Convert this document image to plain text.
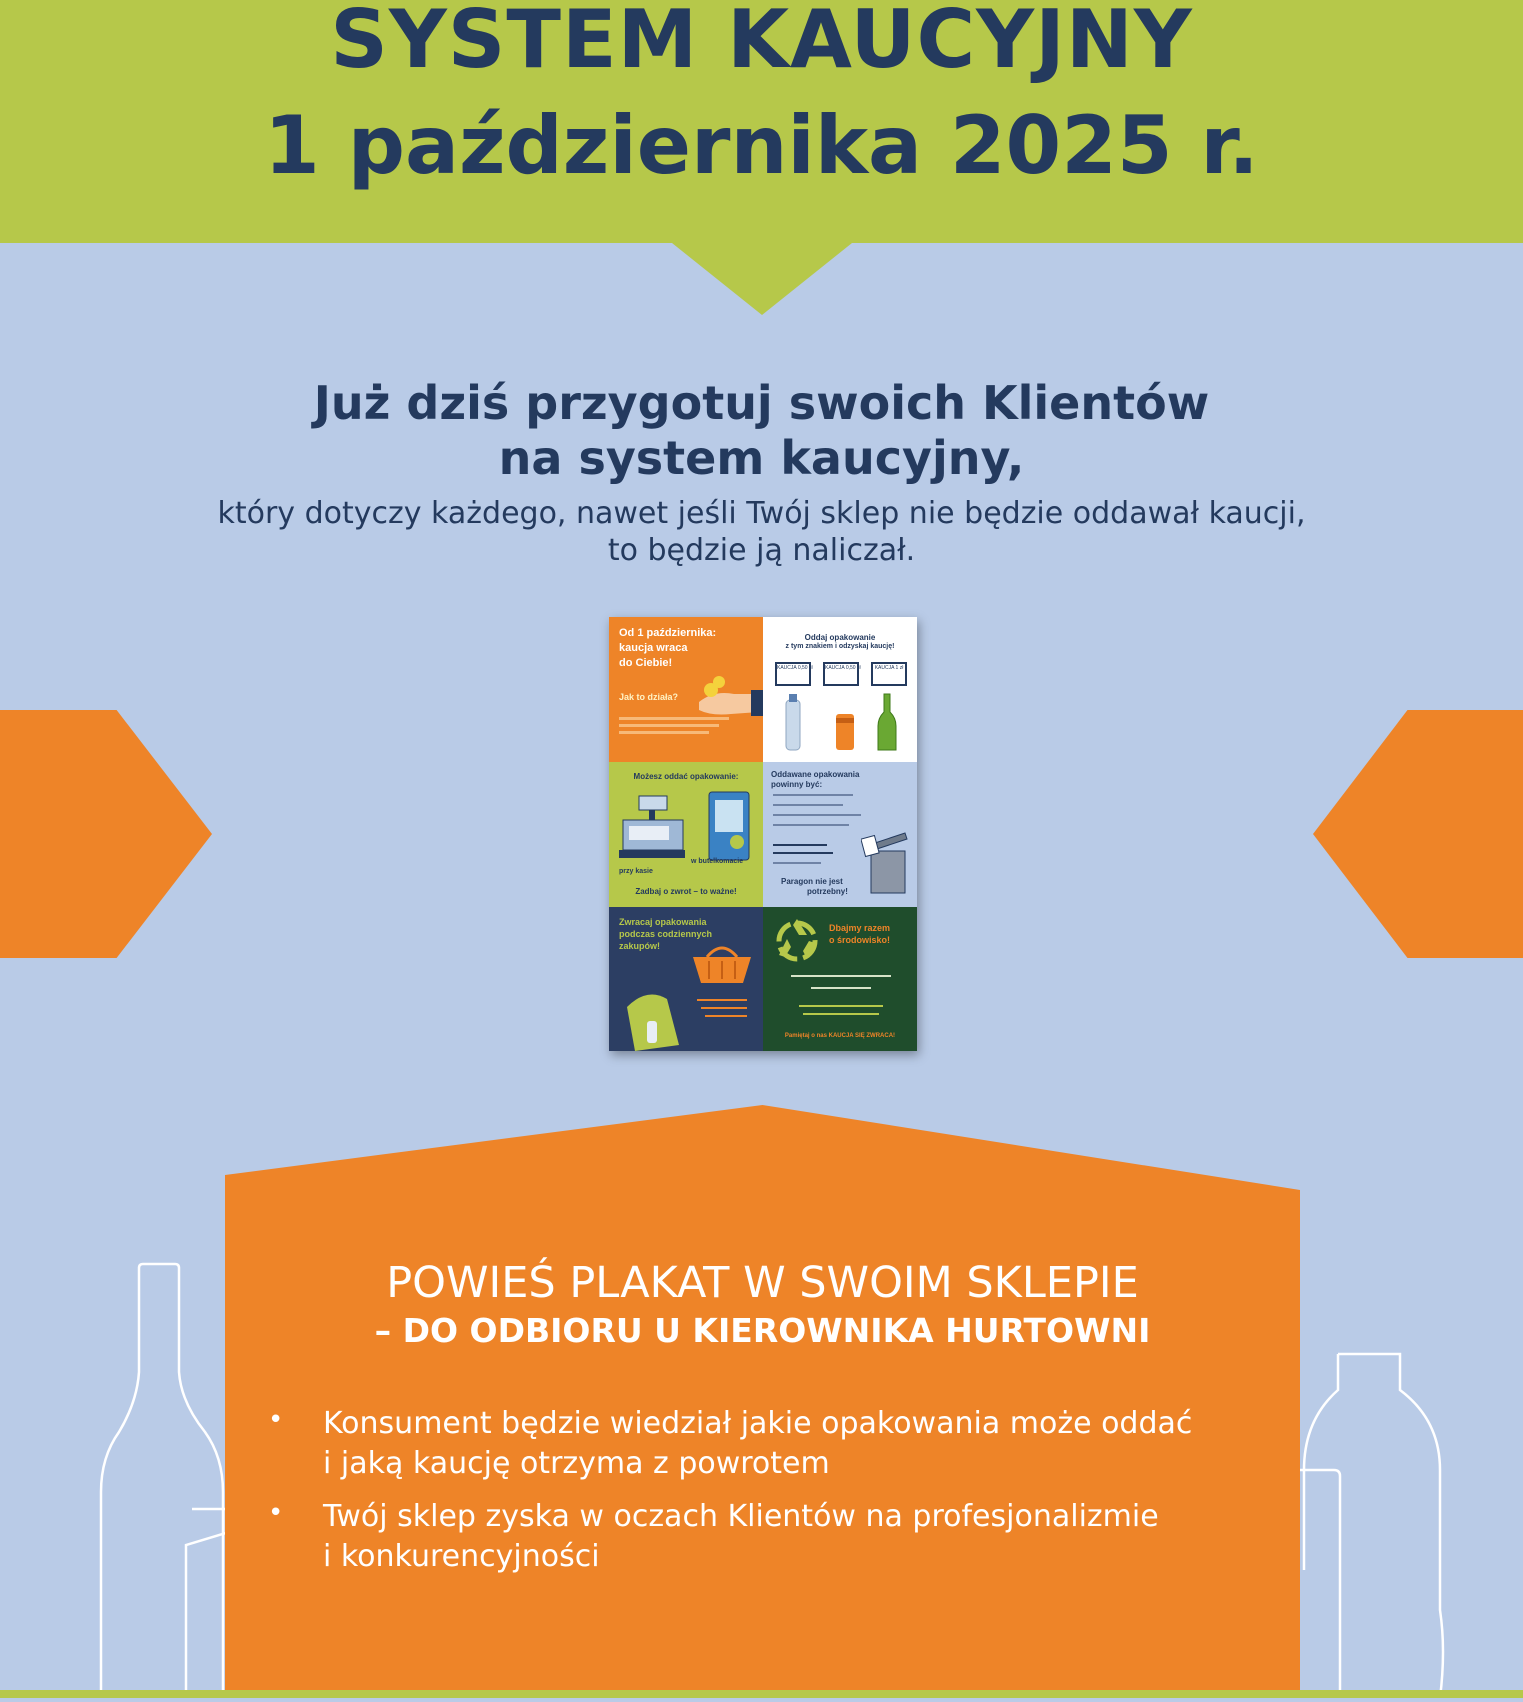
SYSTEM KAUCYJNY
1 października 2025 r.
Już dziś przygotuj swoich Klientów
na system kaucyjny,
który dotyczy każdego, nawet jeśli Twój sklep nie będzie oddawał kaucji,
to będzie ją naliczał.
Od 1 października:
kaucja wraca
do Ciebie!
Jak to działa?
Oddaj opakowanie
z tym znakiem i odzyskaj kaucję!
KAUCJA 0,50 zł	KAUCJA 0,50 zł	KAUCJA 1 zł
Możesz oddać opakowanie:
przy kasie
w butelkomacie
Zadbaj o zwrot – to ważne!
Oddawane opakowania
powinny być:
Paragon nie jest
potrzebny!
Zwracaj opakowania
podczas codziennych
zakupów!
Dbajmy razem
o środowisko!
Pamiętaj o nas KAUCJA SIĘ ZWRACA!
POWIEŚ PLAKAT W SWOIM SKLEPIE
– DO ODBIORU U KIEROWNIKA HURTOWNI
• Konsument będzie wiedział jakie opakowania może oddać
i jaką kaucję otrzyma z powrotem
• Twój sklep zyska w oczach Klientów na profesjonalizmie
i konkurencyjności
